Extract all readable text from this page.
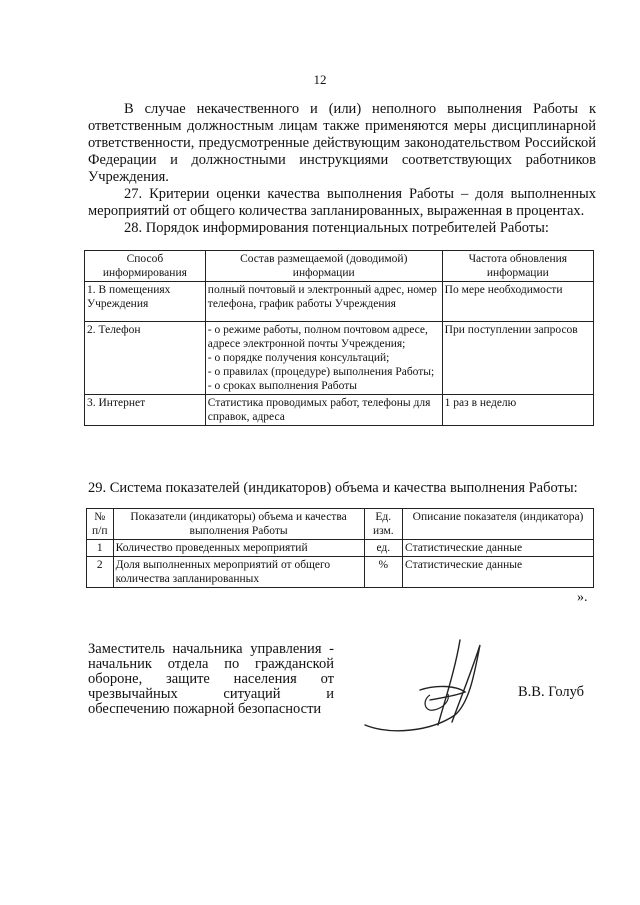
12
В случае некачественного и (или) неполного выполнения Работы к ответственным должностным лицам также применяются меры дисциплинарной ответственности, предусмотренные действующим законодательством Российской Федерации и должностными инструкциями соответствующих работников Учреждения.
27. Критерии оценки качества выполнения Работы – доля выполненных мероприятий от общего количества запланированных, выраженная в процентах.
28. Порядок информирования потенциальных потребителей Работы:
Способ информирования	Состав размещаемой (доводимой) информации	Частота обновления информации
1. В помещениях Учреждения	полный почтовый и электронный адрес, номер телефона, график работы Учреждения	По мере необходимости
2. Телефон	- о режиме работы, полном почтовом адресе, адресе электронной почты Учреждения;
- о порядке получения консультаций;
- о правилах (процедуре) выполнения Работы;
- о сроках выполнения Работы	При поступлении запросов
3. Интернет	Статистика проводимых работ, телефоны для справок, адреса	1 раз в неделю
29. Система показателей (индикаторов) объема и качества выполнения Работы:
№ п/п	Показатели (индикаторы) объема и качества выполнения Работы	Ед. изм.	Описание показателя (индикатора)
1	Количество проведенных мероприятий	ед.	Статистические данные
2	Доля выполненных мероприятий от общего количества запланированных	%	Статистические данные
».
Заместитель начальника управления - начальник отдела по гражданской обороне, защите населения от чрезвычайных ситуаций и обеспечению пожарной безопасности
В.В. Голуб
